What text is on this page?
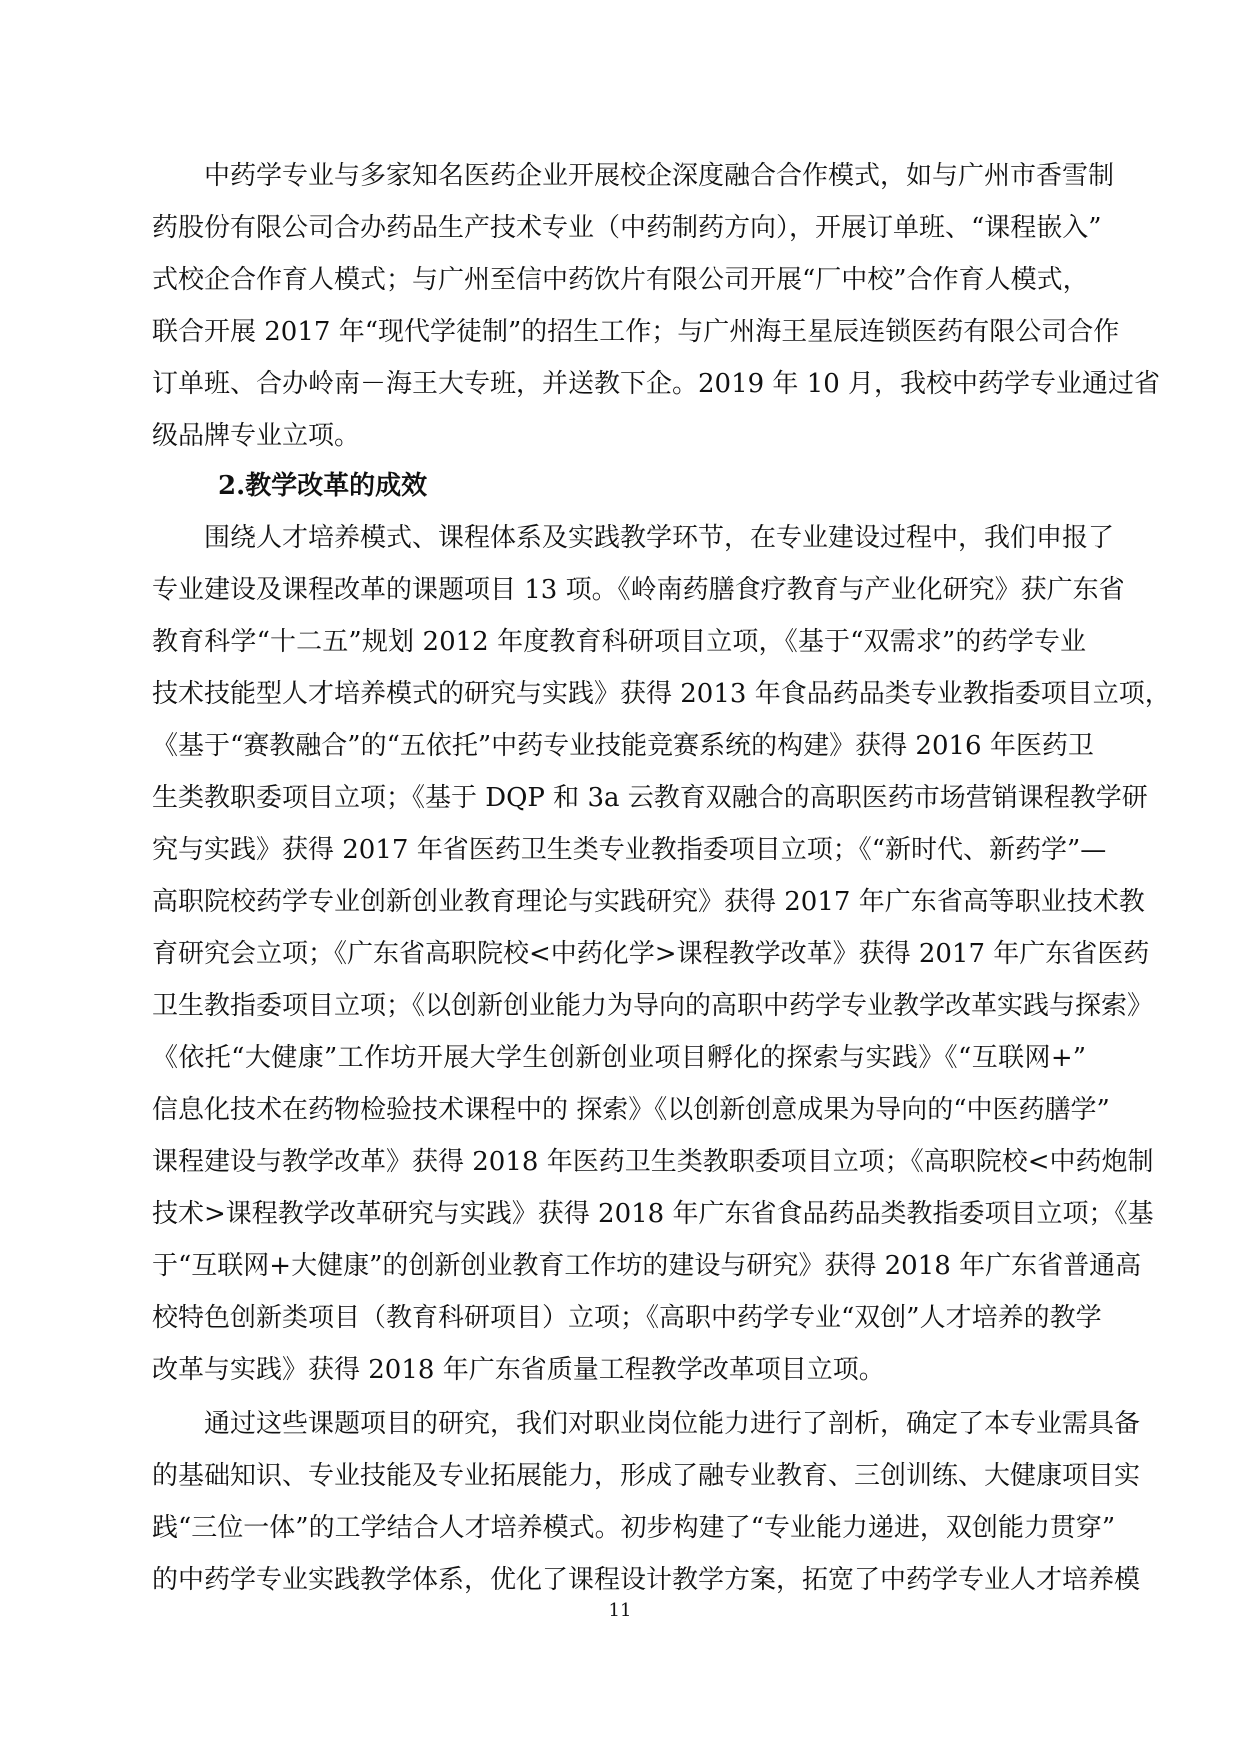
中药学专业与多家知名医药企业开展校企深度融合合作模式，如与广州市香雪制
药股份有限公司合办药品生产技术专业（中药制药方向），开展订单班、“课程嵌入”
式校企合作育人模式；与广州至信中药饮片有限公司开展“厂中校”合作育人模式，
联合开展 2017 年“现代学徒制”的招生工作；与广州海王星辰连锁医药有限公司合作
订单班、合办岭南－海王大专班，并送教下企。2019 年 10 月，我校中药学专业通过省
级品牌专业立项。
2.教学改革的成效
围绕人才培养模式、课程体系及实践教学环节，在专业建设过程中，我们申报了
专业建设及课程改革的课题项目 13 项。《岭南药膳食疗教育与产业化研究》获广东省
教育科学“十二五”规划 2012 年度教育科研项目立项，《基于“双需求”的药学专业
技术技能型人才培养模式的研究与实践》获得 2013 年食品药品类专业教指委项目立项，
《基于“赛教融合”的“五依托”中药专业技能竞赛系统的构建》获得 2016 年医药卫
生类教职委项目立项；《基于 DQP 和 3a 云教育双融合的高职医药市场营销课程教学研
究与实践》获得 2017 年省医药卫生类专业教指委项目立项；《“新时代、新药学”—
高职院校药学专业创新创业教育理论与实践研究》获得 2017 年广东省高等职业技术教
育研究会立项；《广东省高职院校<中药化学>课程教学改革》获得 2017 年广东省医药
卫生教指委项目立项；《以创新创业能力为导向的高职中药学专业教学改革实践与探索》
《依托“大健康”工作坊开展大学生创新创业项目孵化的探索与实践》《“互联网+”
信息化技术在药物检验技术课程中的 探索》《以创新创意成果为导向的“中医药膳学”
课程建设与教学改革》获得 2018 年医药卫生类教职委项目立项；《高职院校<中药炮制
技术>课程教学改革研究与实践》获得 2018 年广东省食品药品类教指委项目立项；《基
于“互联网+大健康”的创新创业教育工作坊的建设与研究》获得 2018 年广东省普通高
校特色创新类项目（教育科研项目）立项；《高职中药学专业“双创”人才培养的教学
改革与实践》获得 2018 年广东省质量工程教学改革项目立项。
通过这些课题项目的研究，我们对职业岗位能力进行了剖析，确定了本专业需具备
的基础知识、专业技能及专业拓展能力，形成了融专业教育、三创训练、大健康项目实
践“三位一体”的工学结合人才培养模式。初步构建了“专业能力递进，双创能力贯穿”
的中药学专业实践教学体系，优化了课程设计教学方案，拓宽了中药学专业人才培养模
11
